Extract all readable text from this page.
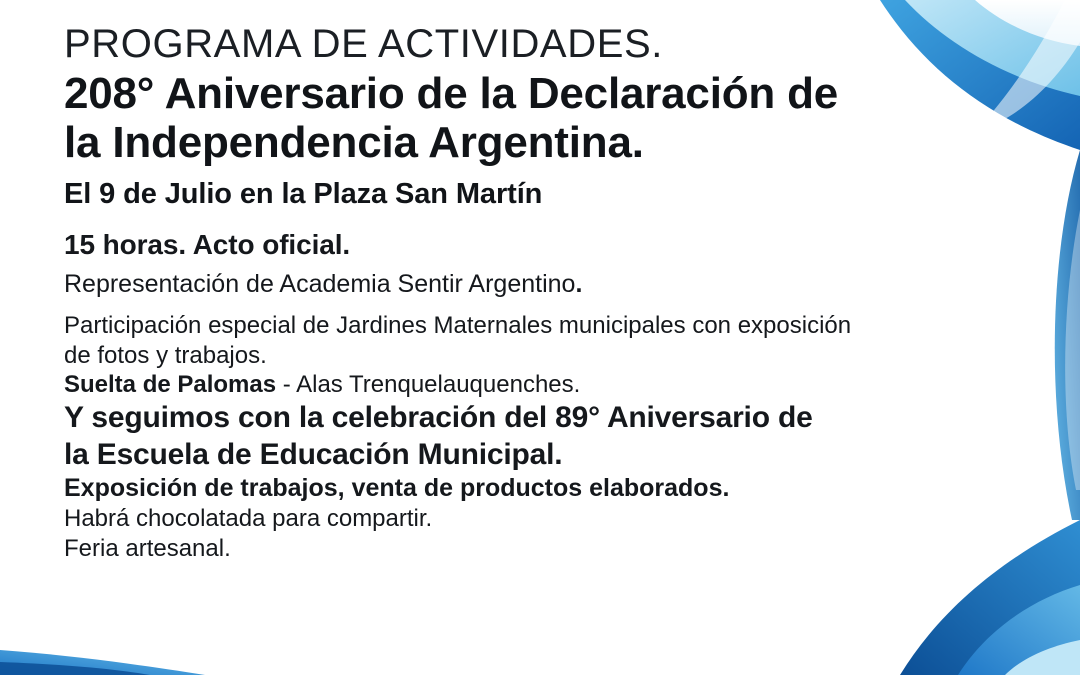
PROGRAMA DE ACTIVIDADES.

208° Aniversario de la Declaración de
la Independencia Argentina.

El 9 de Julio en la Plaza San Martín

15 horas. Acto oficial.

Representación de Academia Sentir Argentino.

Participación especial de Jardines Maternales municipales con exposición
de fotos y trabajos.

Suelta de Palomas - Alas Trenquelauquenches.

Y seguimos con la celebración del 89° Aniversario de
la Escuela de Educación Municipal.

Exposición de trabajos, venta de productos elaborados.

Habrá chocolatada para compartir.

Feria artesanal.
